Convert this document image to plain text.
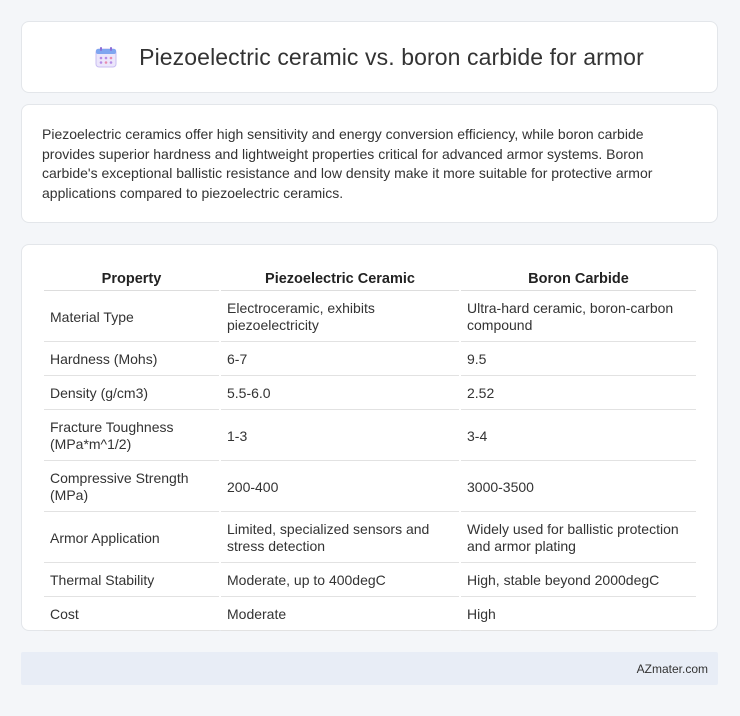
Piezoelectric ceramic vs. boron carbide for armor

Piezoelectric ceramics offer high sensitivity and energy conversion efficiency, while boron carbide provides superior hardness and lightweight properties critical for advanced armor systems. Boron carbide's exceptional ballistic resistance and low density make it more suitable for protective armor applications compared to piezoelectric ceramics.

Property	Piezoelectric Ceramic	Boron Carbide
Material Type	Electroceramic, exhibits piezoelectricity	Ultra-hard ceramic, boron-carbon compound
Hardness (Mohs)	6-7	9.5
Density (g/cm3)	5.5-6.0	2.52
Fracture Toughness (MPa*m^1/2)	1-3	3-4
Compressive Strength (MPa)	200-400	3000-3500
Armor Application	Limited, specialized sensors and stress detection	Widely used for ballistic protection and armor plating
Thermal Stability	Moderate, up to 400degC	High, stable beyond 2000degC
Cost	Moderate	High
AZmater.com
